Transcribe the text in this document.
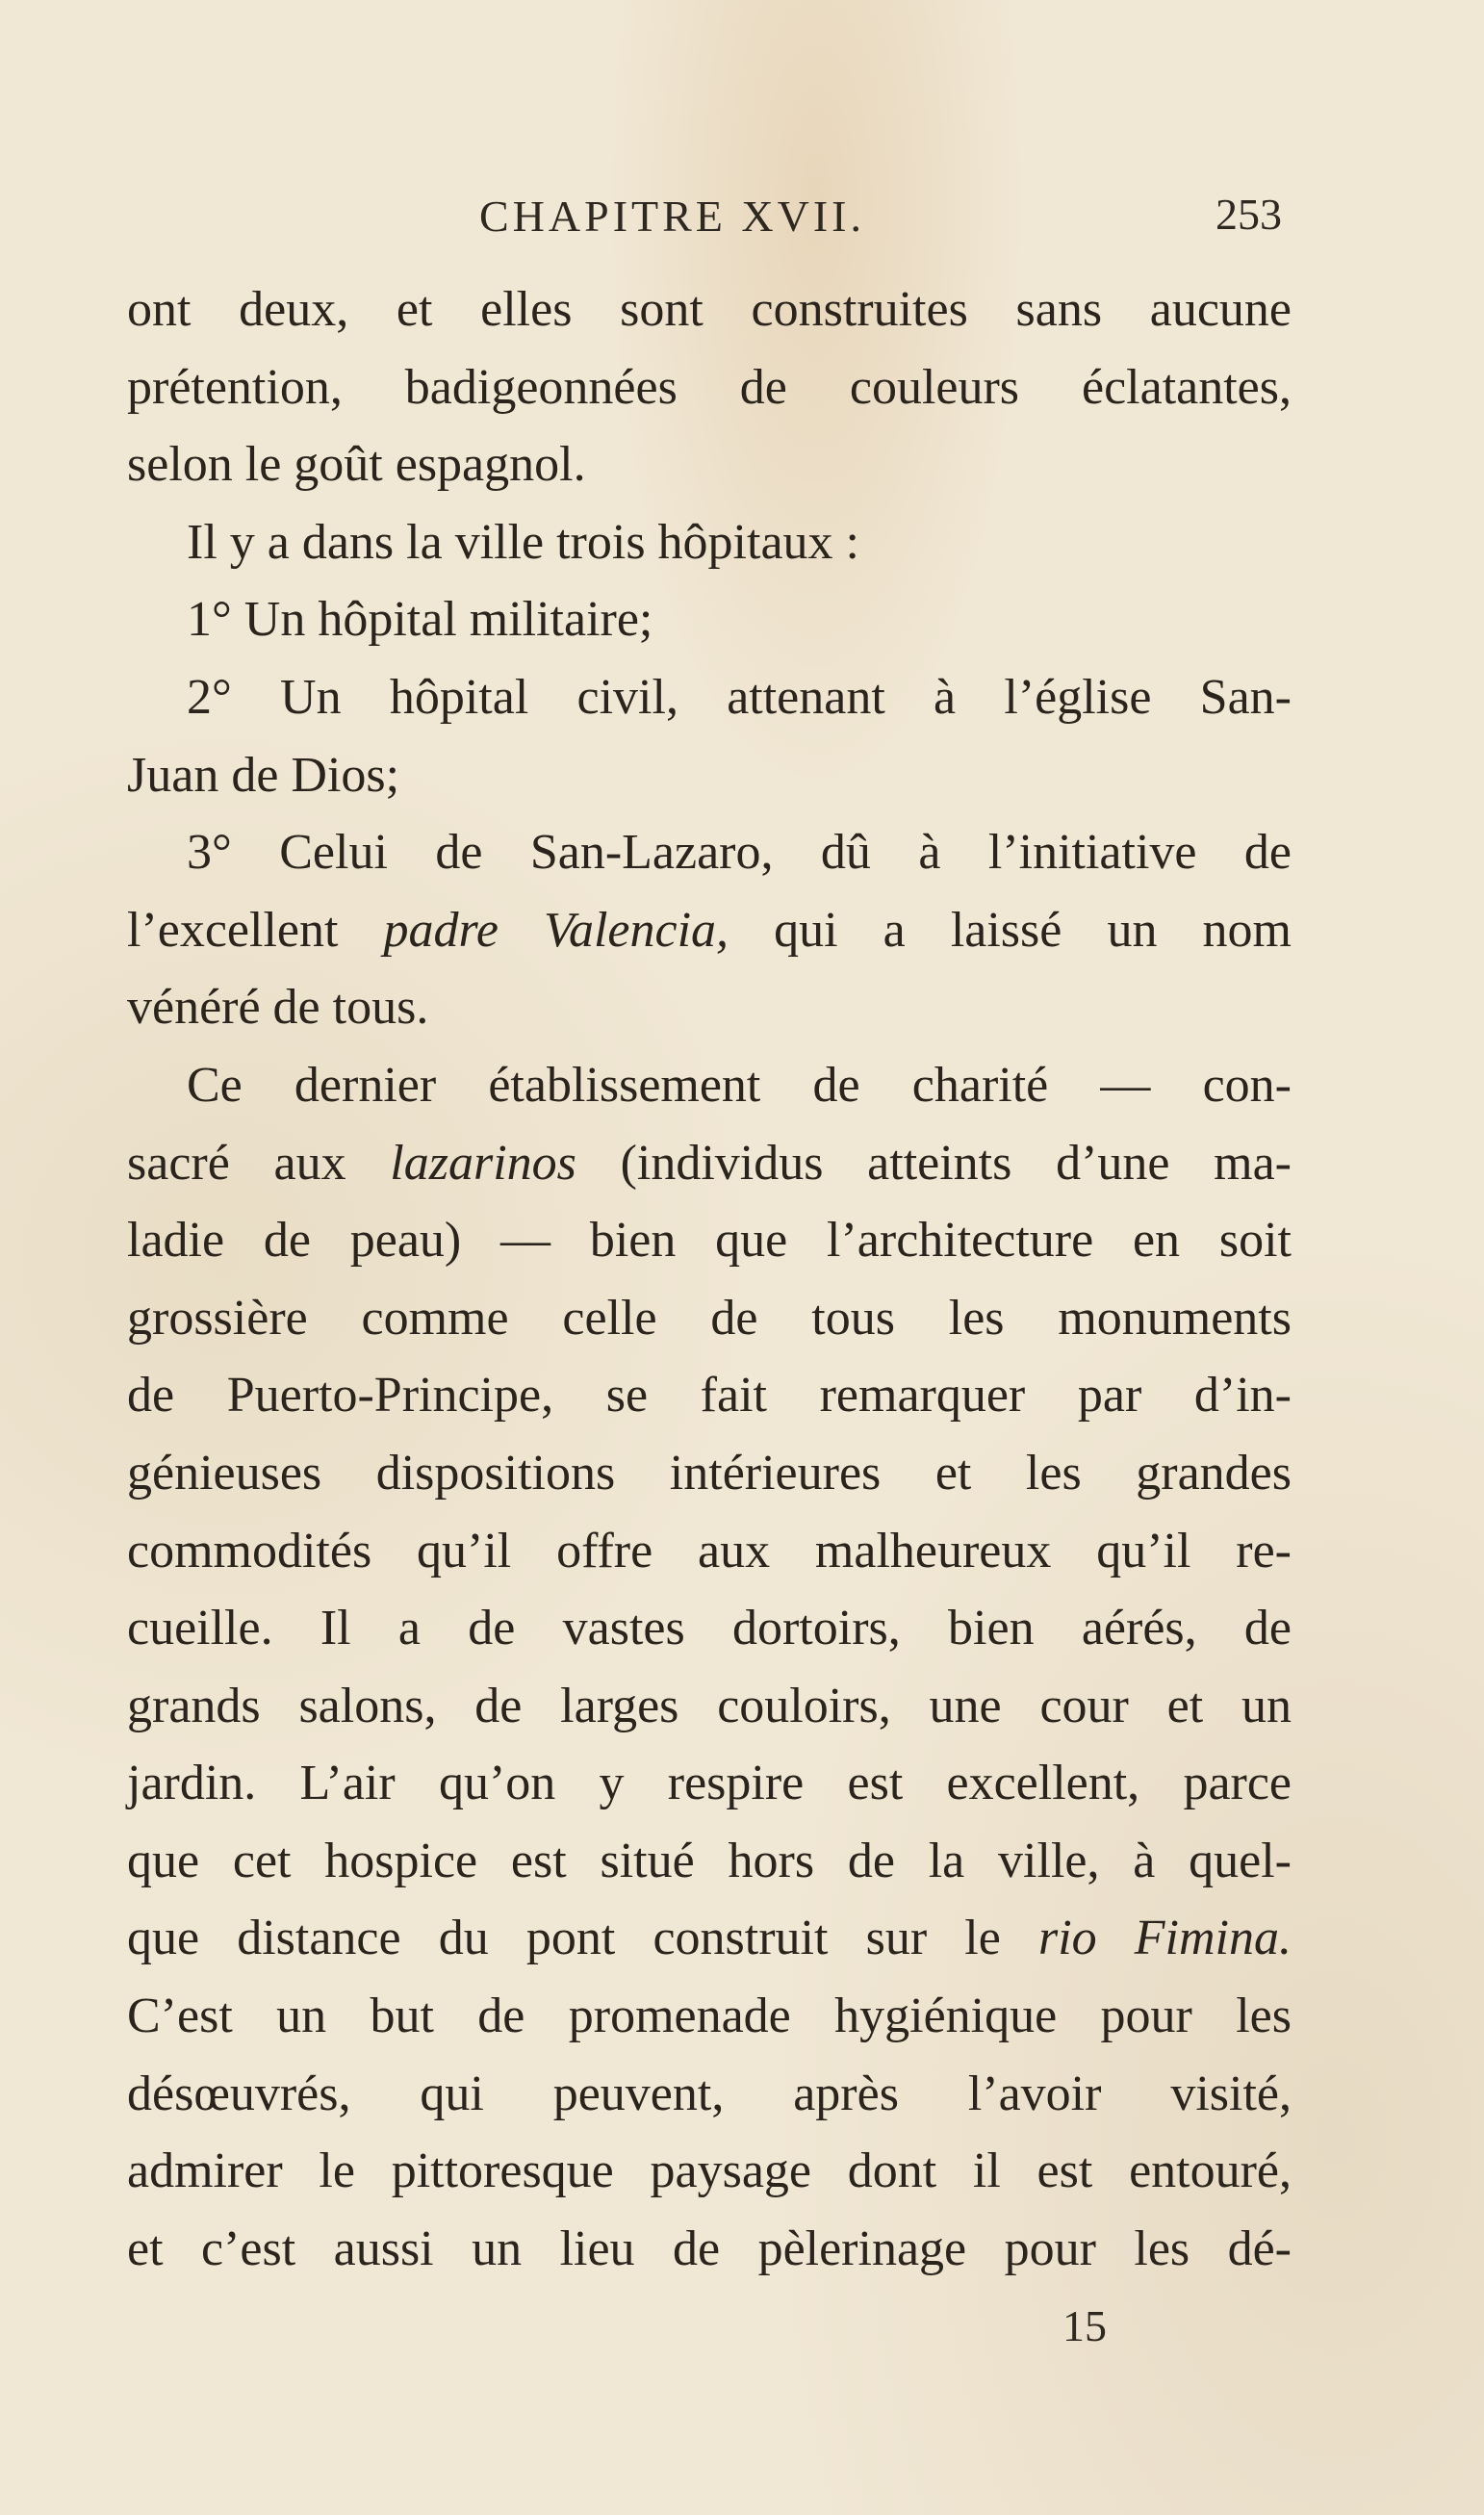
CHAPITRE XVII.	253
ont deux, et elles sont construites sans aucune
prétention, badigeonnées de couleurs éclatantes,
selon le goût espagnol.
Il y a dans la ville trois hôpitaux :
1° Un hôpital militaire;
2° Un hôpital civil, attenant à l’église San-
Juan de Dios;
3° Celui de San-Lazaro, dû à l’initiative de
l’excellent padre Valencia, qui a laissé un nom
vénéré de tous.
Ce dernier établissement de charité — con-
sacré aux lazarinos (individus atteints d’une ma-
ladie de peau) — bien que l’architecture en soit
grossière comme celle de tous les monuments
de Puerto-Principe, se fait remarquer par d’in-
génieuses dispositions intérieures et les grandes
commodités qu’il offre aux malheureux qu’il re-
cueille. Il a de vastes dortoirs, bien aérés, de
grands salons, de larges couloirs, une cour et un
jardin. L’air qu’on y respire est excellent, parce
que cet hospice est situé hors de la ville, à quel-
que distance du pont construit sur le rio Fimina.
C’est un but de promenade hygiénique pour les
désœuvrés, qui peuvent, après l’avoir visité,
admirer le pittoresque paysage dont il est entouré,
et c’est aussi un lieu de pèlerinage pour les dé-
15
